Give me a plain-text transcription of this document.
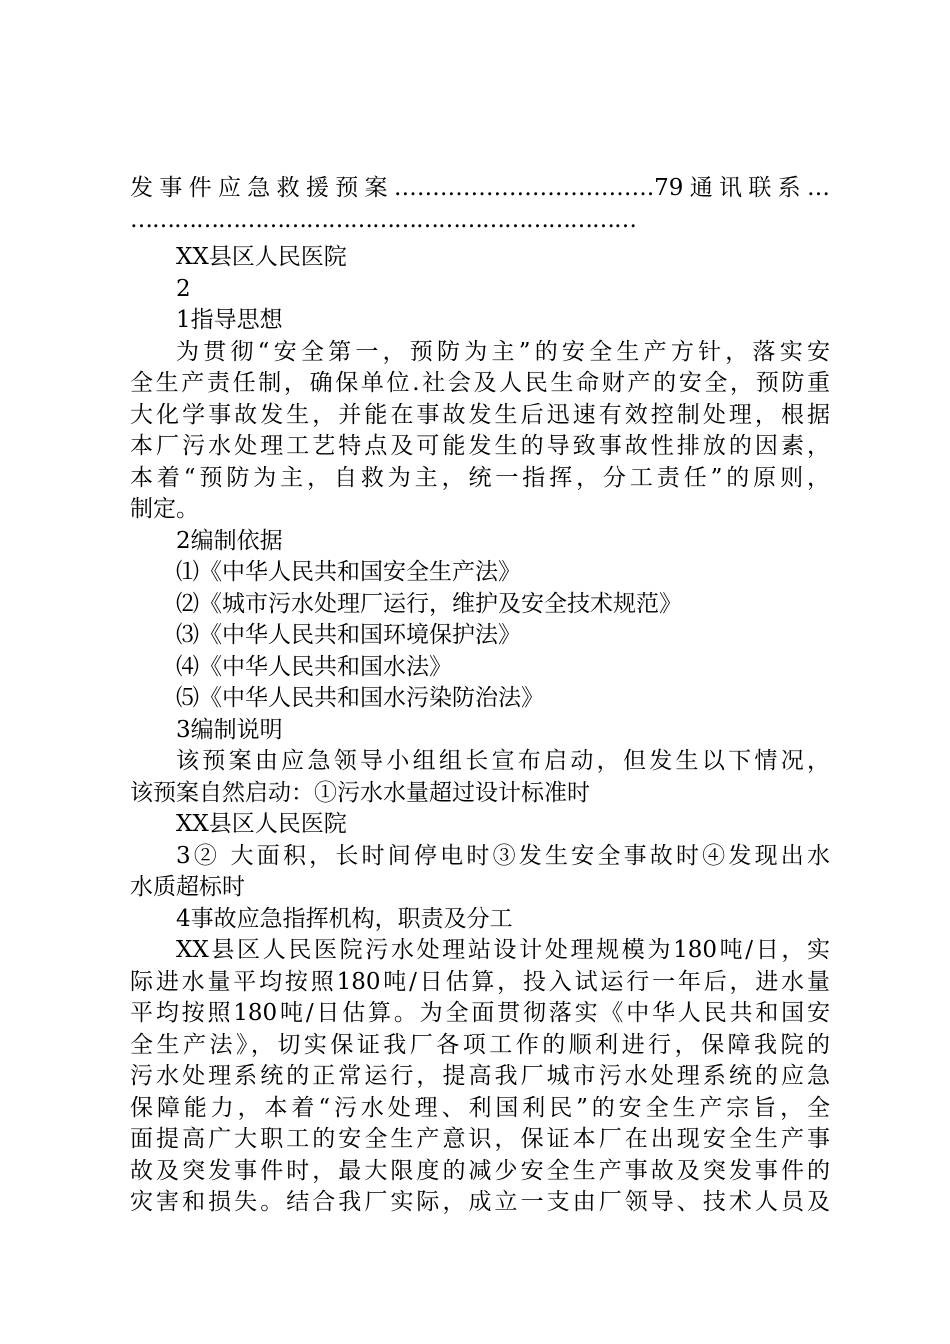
发事件应急救援预案…………………………….79通讯联系…

……………………………………………………………

XX县区人民医院

2

1指导思想

为贯彻“安全第一，预防为主”的安全生产方针，落实安

全生产责任制，确保单位.社会及人民生命财产的安全，预防重

大化学事故发生，并能在事故发生后迅速有效控制处理，根据

本厂污水处理工艺特点及可能发生的导致事故性排放的因素，

本着“预防为主，自救为主，统一指挥，分工责任”的原则，

制定。

2编制依据

⑴《中华人民共和国安全生产法》

⑵《城市污水处理厂运行，维护及安全技术规范》

⑶《中华人民共和国环境保护法》

⑷《中华人民共和国水法》

⑸《中华人民共和国水污染防治法》

3编制说明

该预案由应急领导小组组长宣布启动，但发生以下情况，

该预案自然启动：①污水水量超过设计标准时

XX县区人民医院

3② 大面积，长时间停电时③发生安全事故时④发现出水

水质超标时

4事故应急指挥机构，职责及分工

XX县区人民医院污水处理站设计处理规模为180吨/日，实

际进水量平均按照180吨/日估算，投入试运行一年后，进水量

平均按照180吨/日估算。为全面贯彻落实《中华人民共和国安

全生产法》，切实保证我厂各项工作的顺利进行，保障我院的

污水处理系统的正常运行，提高我厂城市污水处理系统的应急

保障能力，本着“污水处理、利国利民”的安全生产宗旨，全

面提高广大职工的安全生产意识，保证本厂在出现安全生产事

故及突发事件时，最大限度的减少安全生产事故及突发事件的

灾害和损失。结合我厂实际，成立一支由厂领导、技术人员及
